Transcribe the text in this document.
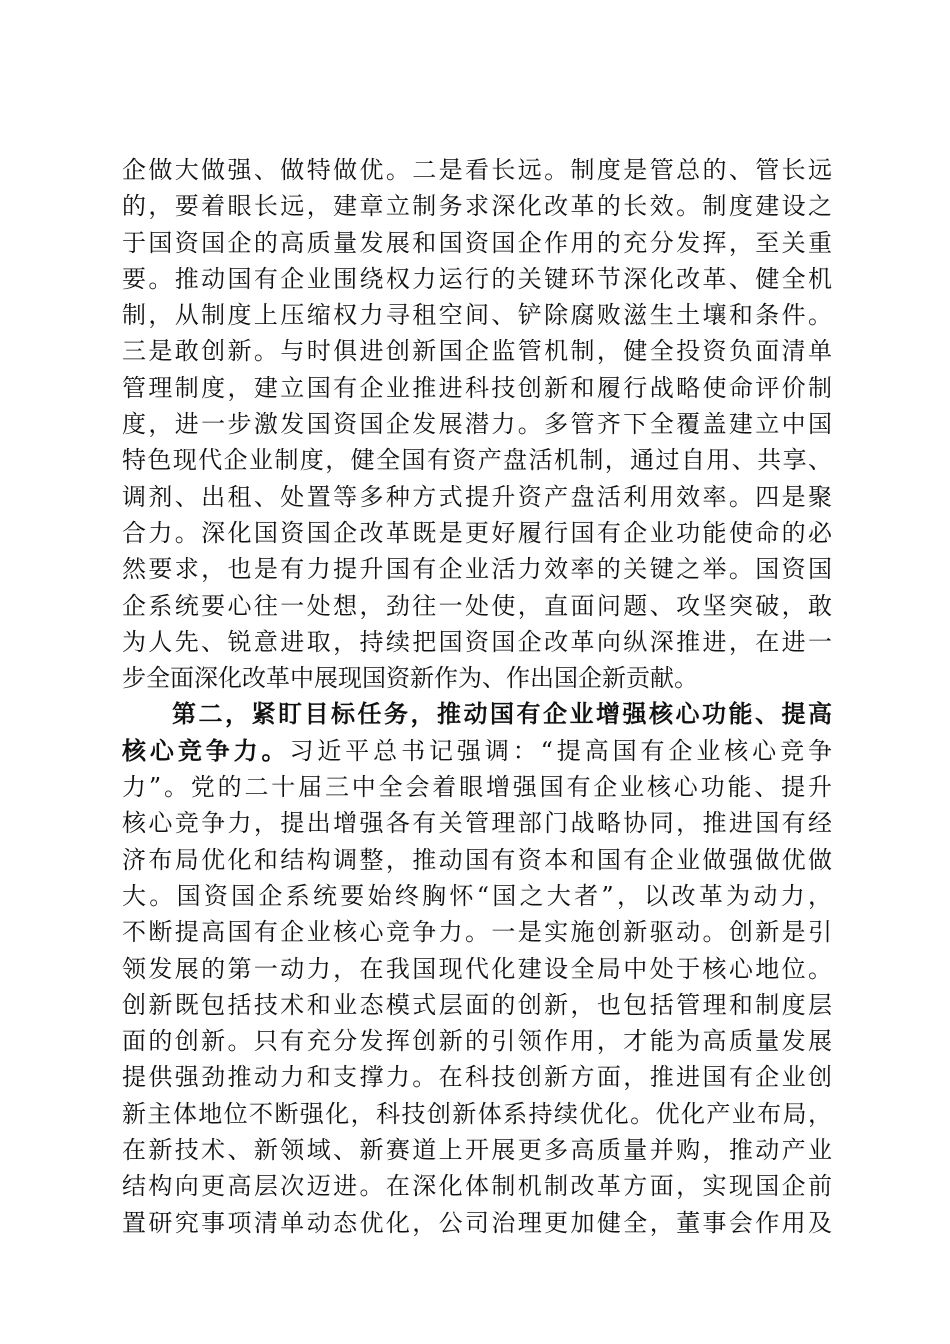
企做大做强、做特做优。二是看长远。制度是管总的、管长远
的，要着眼长远，建章立制务求深化改革的长效。制度建设之
于国资国企的高质量发展和国资国企作用的充分发挥，至关重
要。推动国有企业围绕权力运行的关键环节深化改革、健全机
制，从制度上压缩权力寻租空间、铲除腐败滋生土壤和条件。
三是敢创新。与时俱进创新国企监管机制，健全投资负面清单
管理制度，建立国有企业推进科技创新和履行战略使命评价制
度，进一步激发国资国企发展潜力。多管齐下全覆盖建立中国
特色现代企业制度，健全国有资产盘活机制，通过自用、共享、
调剂、出租、处置等多种方式提升资产盘活利用效率。四是聚
合力。深化国资国企改革既是更好履行国有企业功能使命的必
然要求，也是有力提升国有企业活力效率的关键之举。国资国
企系统要心往一处想，劲往一处使，直面问题、攻坚突破，敢
为人先、锐意进取，持续把国资国企改革向纵深推进，在进一
步全面深化改革中展现国资新作为、作出国企新贡献。
第二，紧盯目标任务，推动国有企业增强核心功能、提高
核心竞争力。习近平总书记强调：“提高国有企业核心竞争
力”。党的二十届三中全会着眼增强国有企业核心功能、提升
核心竞争力，提出增强各有关管理部门战略协同，推进国有经
济布局优化和结构调整，推动国有资本和国有企业做强做优做
大。国资国企系统要始终胸怀“国之大者”，以改革为动力，
不断提高国有企业核心竞争力。一是实施创新驱动。创新是引
领发展的第一动力，在我国现代化建设全局中处于核心地位。
创新既包括技术和业态模式层面的创新，也包括管理和制度层
面的创新。只有充分发挥创新的引领作用，才能为高质量发展
提供强劲推动力和支撑力。在科技创新方面，推进国有企业创
新主体地位不断强化，科技创新体系持续优化。优化产业布局，
在新技术、新领域、新赛道上开展更多高质量并购，推动产业
结构向更高层次迈进。在深化体制机制改革方面，实现国企前
置研究事项清单动态优化，公司治理更加健全，董事会作用及
